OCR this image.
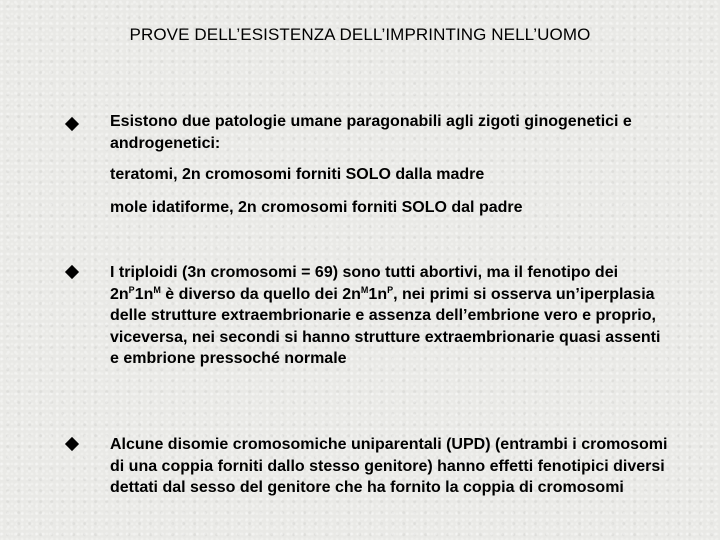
PROVE DELL’ESISTENZA DELL’IMPRINTING NELL’UOMO
Esistono due patologie umane paragonabili agli zigoti ginogenetici e androgenetici:
teratomi, 2n cromosomi forniti SOLO dalla madre
mole idatiforme, 2n cromosomi forniti SOLO dal padre
I triploidi (3n cromosomi = 69) sono tutti abortivi, ma il fenotipo dei $2n^P1n^M$ è diverso da quello dei $2n^M1n^P$, nei primi si osserva un’iperplasia delle strutture extraembrionarie e assenza dell’embrione vero e proprio, viceversa, nei secondi si hanno strutture extraembrionarie quasi assenti e embrione pressoché normale
Alcune disomie cromosomiche uniparentali (UPD) (entrambi i cromosomi di una coppia forniti dallo stesso genitore) hanno effetti fenotipici diversi dettati dal sesso del genitore che ha fornito la coppia di cromosomi
